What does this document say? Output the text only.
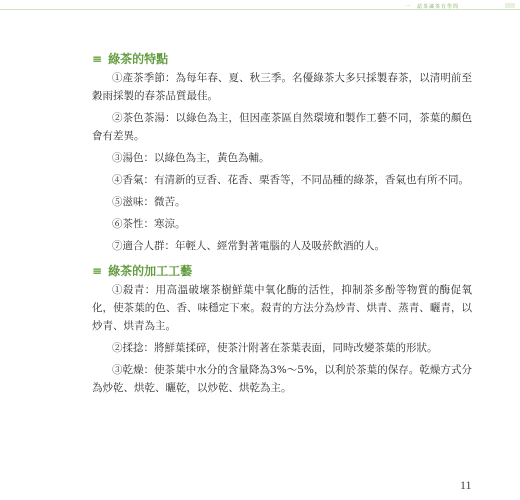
一　認茶識茶有學問
≡ 綠茶的特點

①產茶季節：為每年春、夏、秋三季。名優綠茶大多只採製春茶，以清明前至穀雨採製的春茶品質最佳。

②茶色茶湯：以綠色為主，但因產茶區自然環境和製作工藝不同，茶葉的顏色會有差異。

③湯色：以綠色為主，黃色為輔。

④香氣：有清新的豆香、花香、栗香等，不同品種的綠茶，香氣也有所不同。

⑤滋味：微苦。

⑥茶性：寒涼。

⑦適合人群：年輕人、經常對著電腦的人及吸菸飲酒的人。

≡ 綠茶的加工工藝

①殺青：用高溫破壞茶樹鮮葉中氧化酶的活性，抑制茶多酚等物質的酶促氧化，使茶葉的色、香、味穩定下來。殺青的方法分為炒青、烘青、蒸青、曬青，以炒青、烘青為主。

②揉捻：將鮮葉揉碎，使茶汁附著在茶葉表面，同時改變茶葉的形狀。

③乾燥：使茶葉中水分的含量降為3%～5%，以利於茶葉的保存。乾燥方式分為炒乾、烘乾、曬乾，以炒乾、烘乾為主。

11
